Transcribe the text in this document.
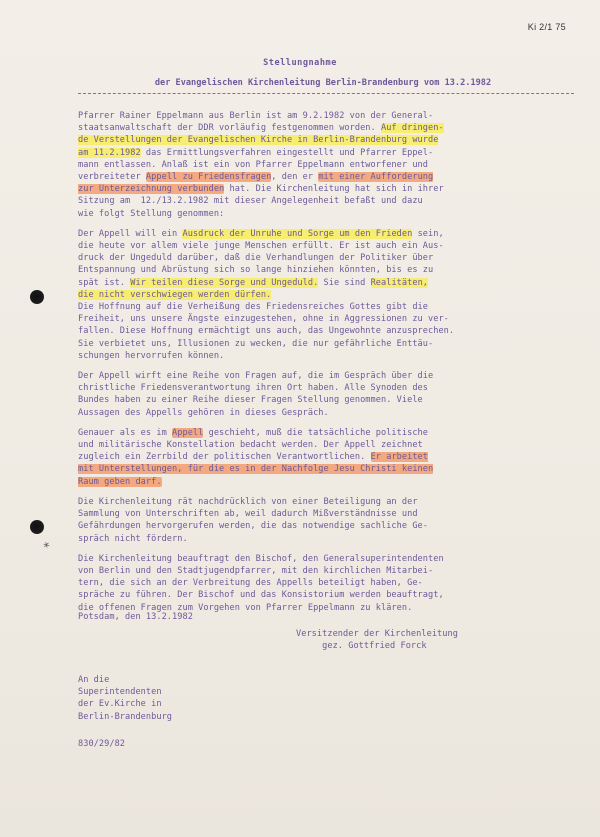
Ki 2/1 75
Stellungnahme
der Evangelischen Kirchenleitung Berlin-Brandenburg vom 13.2.1982

Pfarrer Rainer Eppelmann aus Berlin ist am 9.2.1982 von der General-
staatsanwaltschaft der DDR vorläufig festgenommen worden. Auf dringen-
de Verstellungen der Evangelischen Kirche in Berlin-Brandenburg wurde
am 11.2.1982 das Ermittlungsverfahren eingestellt und Pfarrer Eppel-
mann entlassen. Anlaß ist ein von Pfarrer Eppelmann entworfener und
verbreiteter Appell zu Friedensfragen, den er mit einer Aufforderung
zur Unterzeichnung verbunden hat. Die Kirchenleitung hat sich in ihrer
Sitzung am  12./13.2.1982 mit dieser Angelegenheit befaßt und dazu
wie folgt Stellung genommen:

Der Appell will ein Ausdruck der Unruhe und Sorge um den Frieden sein,
die heute vor allem viele junge Menschen erfüllt. Er ist auch ein Aus-
druck der Ungeduld darüber, daß die Verhandlungen der Politiker über
Entspannung und Abrüstung sich so lange hinziehen könnten, bis es zu
spät ist. Wir teilen diese Sorge und Ungeduld. Sie sind Realitäten,
die nicht verschwiegen werden dürfen.
Die Hoffnung auf die Verheißung des Friedensreiches Gottes gibt die
Freiheit, uns unsere Ängste einzugestehen, ohne in Aggressionen zu ver-
fallen. Diese Hoffnung ermächtigt uns auch, das Ungewohnte anzusprechen.
Sie verbietet uns, Illusionen zu wecken, die nur gefährliche Enttäu-
schungen hervorrufen können.

Der Appell wirft eine Reihe von Fragen auf, die im Gespräch über die
christliche Friedensverantwortung ihren Ort haben. Alle Synoden des
Bundes haben zu einer Reihe dieser Fragen Stellung genommen. Viele
Aussagen des Appells gehören in dieses Gespräch.

Genauer als es im Appell geschieht, muß die tatsächliche politische
und militärische Konstellation bedacht werden. Der Appell zeichnet
zugleich ein Zerrbild der politischen Verantwortlichen. Er arbeitet
mit Unterstellungen, für die es in der Nachfolge Jesu Christi keinen
Raum geben darf.

Die Kirchenleitung rät nachdrücklich von einer Beteiligung an der
Sammlung von Unterschriften ab, weil dadurch Mißverständnisse und
Gefährdungen hervorgerufen werden, die das notwendige sachliche Ge-
spräch nicht fördern.

Die Kirchenleitung beauftragt den Bischof, den Generalsuperintendenten
von Berlin und den Stadtjugendpfarrer, mit den kirchlichen Mitarbei-
tern, die sich an der Verbreitung des Appells beteiligt haben, Ge-
spräche zu führen. Der Bischof und das Konsistorium werden beauftragt,
die offenen Fragen zum Vorgehen von Pfarrer Eppelmann zu klären.

Potsdam, den 13.2.1982
Versitzender der Kirchenleitung
gez. Gottfried Forck
An die
Superintendenten
der Ev.Kirche in
Berlin-Brandenburg
830/29/82
*
